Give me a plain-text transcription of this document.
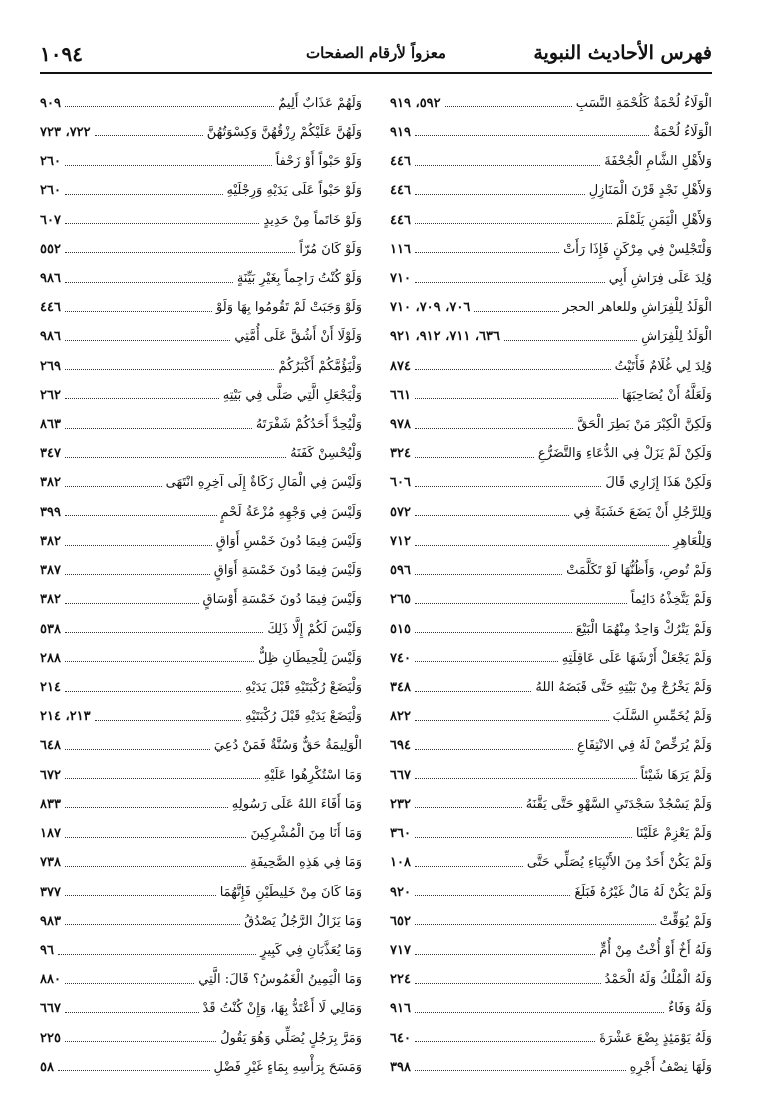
فهرس الأحاديث النبوية
معزواً لأرقام الصفحات
١٠٩٤
الْوَلَاءُ لُحْمَةٌ كَلُحْمَةِ النَّسَبِ
٥٩٢، ٩١٩
الْوَلَاءُ لُحْمَةٌ
٩١٩
وَلأَهْلِ الشَّامِ الْجُحْفَةَ
٤٤٦
وَلأَهْلِ نَجْدٍ قَرْنَ الْمَنَازِلِ
٤٤٦
وَلأَهْلِ الْيَمَنِ يَلَمْلَمَ
٤٤٦
وَلْتَجْلِسْ فِي مِرْكَنٍ فَإِذَا رَأَتْ
١١٦
وُلِدَ عَلَى فِرَاشِ أَبِي
٧١٠
الْوَلَدُ لِلْفِرَاشِ وللعاهر الحجر
٧٠٦، ٧٠٩، ٧١٠
الْوَلَدُ لِلْفِرَاشِ
٦٣٦، ٧١١، ٩١٢، ٩٢١
وُلِدَ لِي غُلَامٌ فَأَتَيْتُ
٨٧٤
وَلَعَلَّهُ أَنْ يُصَاحِبَهَا
٦٦١
وَلَكِنَّ الْكِبْرَ مَنْ بَطِرَ الْحَقَّ
٩٧٨
وَلَكِنْ لَمْ يَزَلْ فِي الدُّعَاءِ وَالتَّضَرُّعِ
٣٢٤
وَلَكِنْ هَذَا إِزَارِي قَالَ
٦٠٦
وَلِلرَّجُلِ أَنْ يَضَعَ خَشَبَةً فِي
٥٧٢
وَلِلْعَاهِرِ
٧١٢
وَلَمْ تُوصِ، وَأَظُنُّهَا لَوْ تَكَلَّمَتْ
٥٩٦
وَلَمْ يَتَّخِذْهُ دَائِماً
٢٦٥
وَلَمْ يَتْرُكْ وَاحِدٌ مِنْهُمَا الْبَيْعَ
٥١٥
وَلَمْ يَجْعَلْ أَرْشَهَا عَلَى عَاقِلَتِهِ
٧٤٠
وَلَمْ يَخْرُجْ مِنْ بَيْتِهِ حَتَّى قَبَضَهُ اللهُ
٣٤٨
وَلَمْ يُخَمِّسِ السَّلَبَ
٨٢٢
وَلَمْ يُرَخِّصْ لَهُ فِي الانْتِفَاعِ
٦٩٤
وَلَمْ يَرَهَا شَيْئاً
٦٦٧
وَلَمْ يَسْجُدْ سَجْدَتَيِ السَّهْوِ حَتَّى يَقَّنَهُ
٢٣٢
وَلَمْ يَعْزِمْ عَلَيْنَا
٣٦٠
وَلَمْ يَكُنْ أَحَدٌ مِنَ الأَنْبِيَاءِ يُصَلِّي حَتَّى
١٠٨
وَلَمْ يَكُنْ لَهُ مَالٌ غَيْرُهُ فَبَلَغَ
٩٢٠
وَلَمْ يُوَقِّتْ
٦٥٢
وَلَهُ أَخٌ أَوْ أُخْتٌ مِنْ أُمٍّ
٧١٧
وَلَهُ الْمُلْكُ وَلَهُ الْحَمْدُ
٢٢٤
وَلَهُ وَفَاءٌ
٩١٦
وَلَهُ يَوْمَئِذٍ بِضْعَ عَشْرَةَ
٦٤٠
وَلَهَا نِصْفُ أَجْرِهِ
٣٩٨
وَلَهُمْ عَذَابٌ أَلِيمٌ
٩٠٩
وَلَهُنَّ عَلَيْكُمْ رِزْقُهُنَّ وَكِسْوَتُهُنَّ
٧٢٢، ٧٢٣
وَلَوْ حَبْواً أَوْ زَحْفاً
٢٦٠
وَلَوْ حَبْواً عَلَى يَدَيْهِ وَرِجْلَيْهِ
٢٦٠
وَلَوْ خَاتَماً مِنْ حَدِيدٍ
٦٠٧
وَلَوْ كَانَ مُرّاً
٥٥٢
وَلَوْ كُنْتُ رَاجِماً بِغَيْرِ بَيِّنَةٍ
٩٨٦
وَلَوْ وَجَبَتْ لَمْ تَقُومُوا بِهَا وَلَوْ
٤٤٦
وَلَوْلَا أَنْ أَشُقَّ عَلَى أُمَّتِي
٩٨٦
وَلْيَؤُمَّكُمْ أَكْبَرُكُمْ
٢٦٩
وَلْيَجْعَلِ الَّتِي صَلَّى فِي بَيْتِهِ
٢٦٢
وَلْيُحِدَّ أَحَدُكُمْ شَفْرَتَهُ
٨٦٣
وَلْيُحْسِنْ كَفَنَهُ
٣٤٧
وَلَيْسَ فِي الْمَالِ زَكَاةٌ إِلَى آخِرِهِ انْتَهَى
٣٨٢
وَلَيْسَ فِي وَجْهِهِ مُزْعَةُ لَحْمٍ
٣٩٩
وَلَيْسَ فِيمَا دُونَ خَمْسِ أَوَاقٍ
٣٨٢
وَلَيْسَ فِيمَا دُونَ خَمْسَةِ أَوَاقٍ
٣٨٧
وَلَيْسَ فِيمَا دُونَ خَمْسَةِ أَوْسَاقٍ
٣٨٢
وَلَيْسَ لَكُمْ إِلَّا ذَلِكَ
٥٣٨
وَلَيْسَ لِلْحِيطَانِ ظِلٌّ
٢٨٨
وَلْيَضَعْ رُكْبَتَيْهِ قَبْلَ يَدَيْهِ
٢١٤
وَلْيَضَعْ يَدَيْهِ قَبْلَ رُكْبَتَيْهِ
٢١٣، ٢١٤
الْوَلِيمَةُ حَقٌّ وَسُنَّةٌ فَمَنْ دُعِيَ
٦٤٨
وَمَا اسْتُكْرِهُوا عَلَيْهِ
٦٧٢
وَمَا أَفَاءَ اللهُ عَلَى رَسُولِهِ
٨٣٣
وَمَا أَنَا مِنَ الْمُشْرِكِينَ
١٨٧
وَمَا فِي هَذِهِ الصَّحِيفَةِ
٧٣٨
وَمَا كَانَ مِنْ خَلِيطَيْنِ فَإِنَّهُمَا
٣٧٧
وَمَا يَزَالُ الرَّجُلُ يَصْدُقُ
٩٨٣
وَمَا يُعَذَّبَانِ فِي كَبِيرٍ
٩٦
وَمَا الْيَمِينُ الْغَمُوسُ؟ قَالَ: الَّتِي
٨٨٠
وَمَالِي لَا أَعْتَدُّ بِهَا، وَإِنْ كُنْتُ قَدْ
٦٦٧
وَمَرَّ بِرَجُلٍ يُصَلِّي وَهُوَ يَقُولُ
٢٢٥
وَمَسَحَ بِرَأْسِهِ بِمَاءٍ غَيْرِ فَضْلِ
٥٨
